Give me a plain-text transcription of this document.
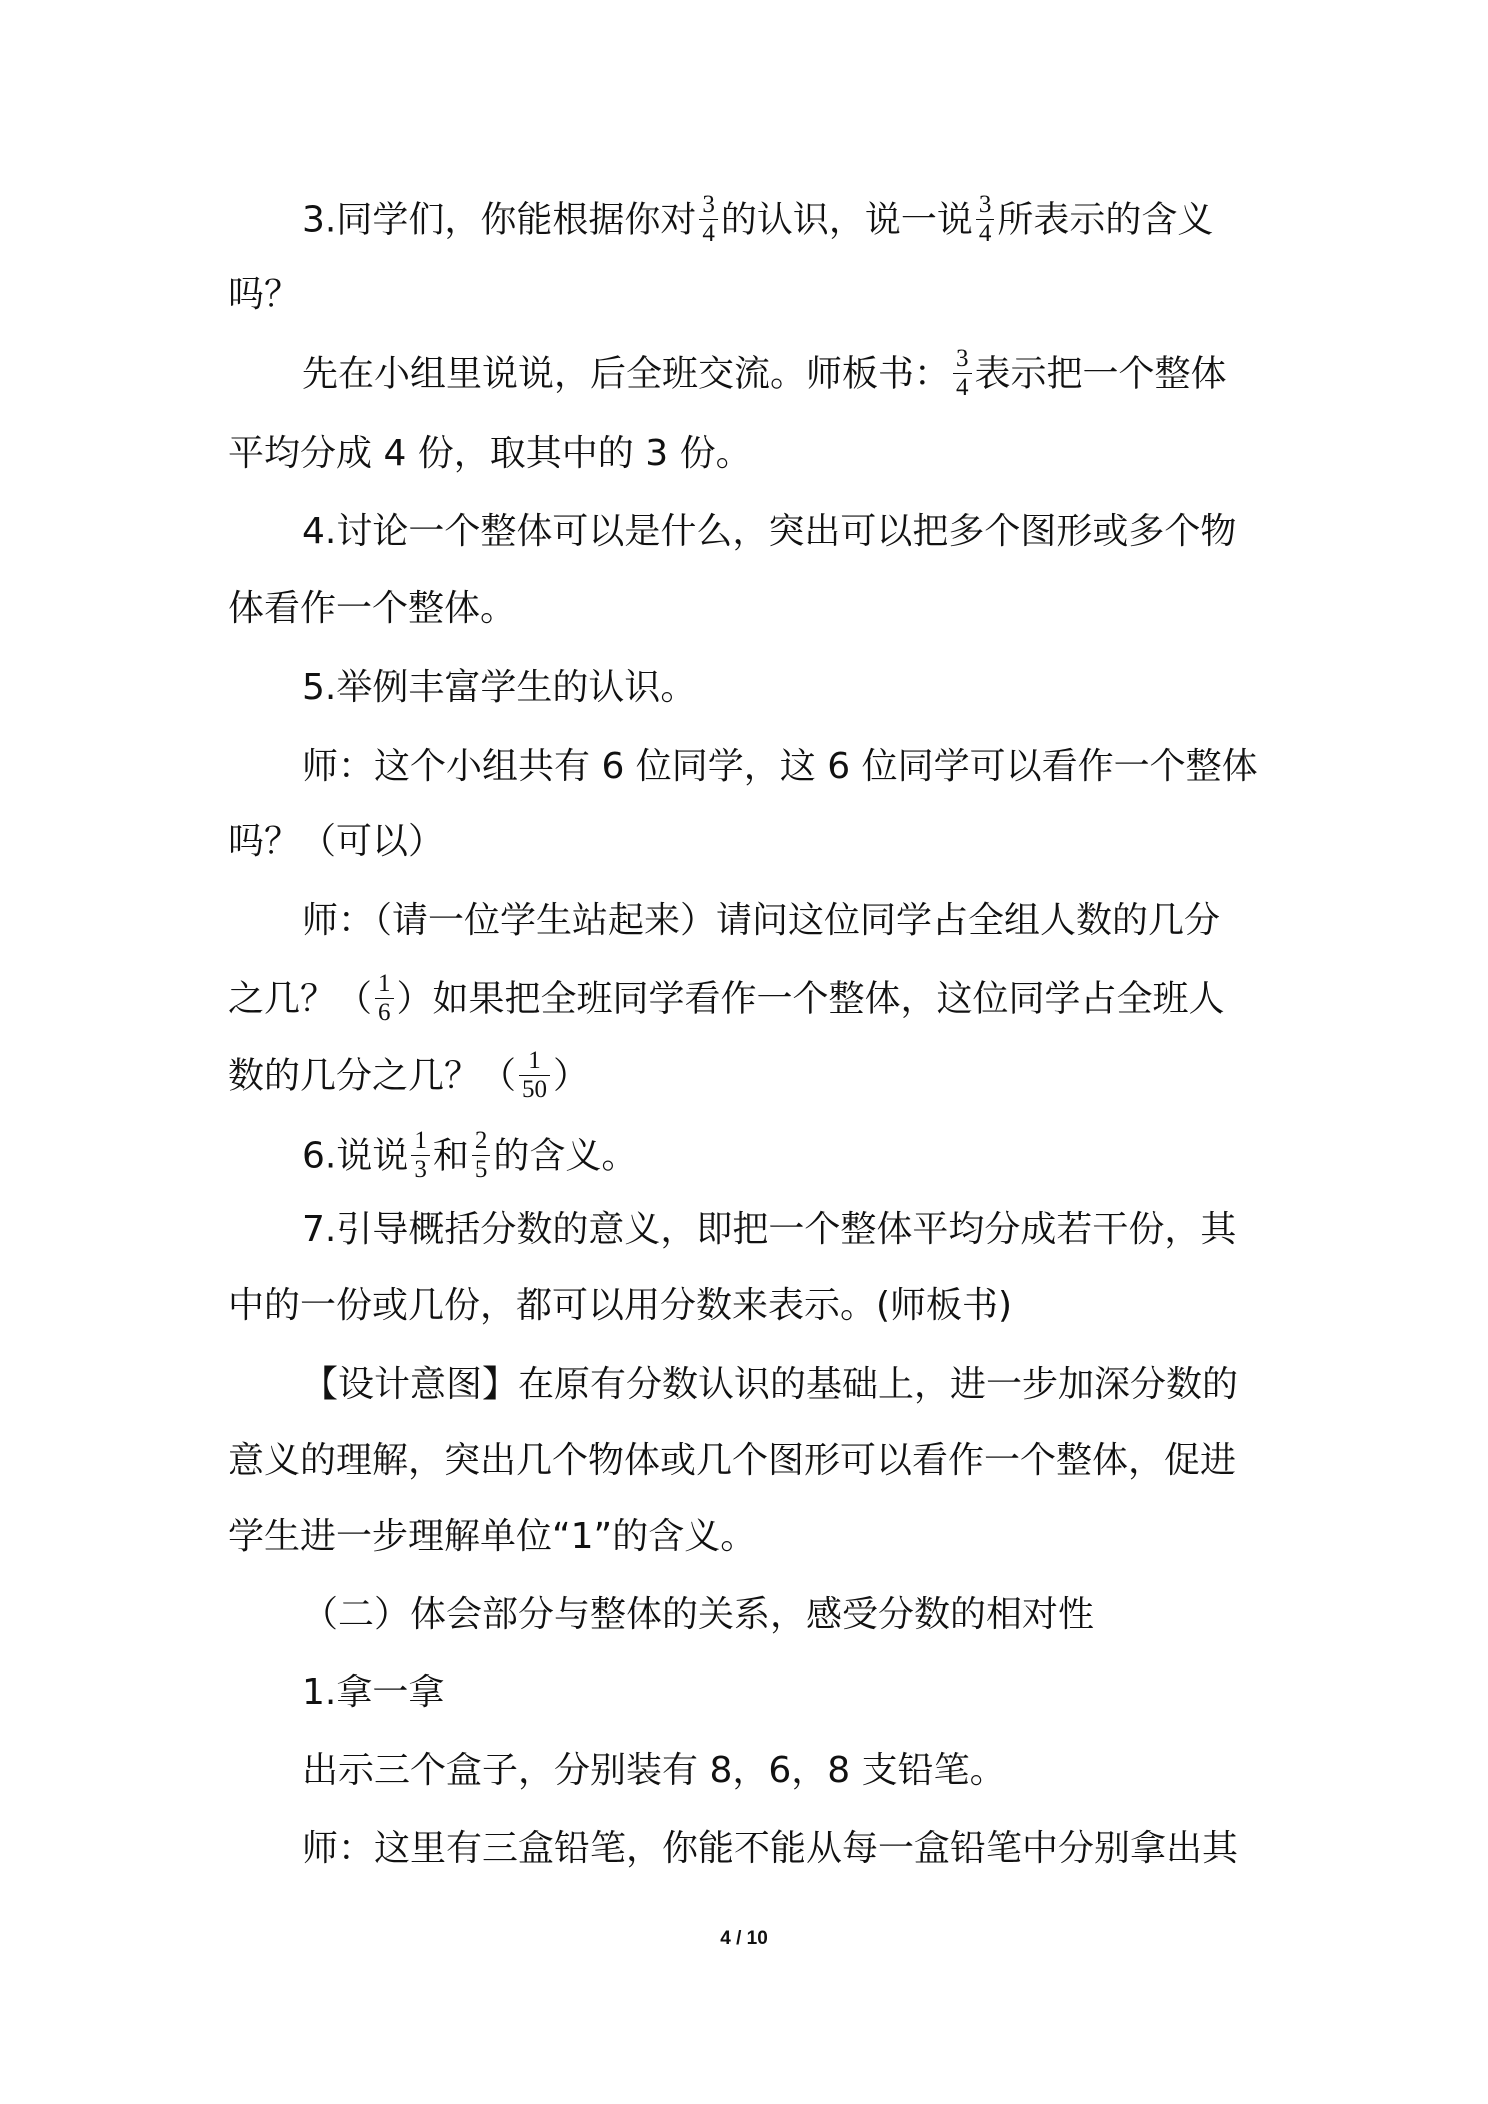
3.同学们，你能根据你对 $\frac{3}{4}$ 的认识，说一说 $\frac{3}{4}$ 所表示的含义
吗？
先在小组里说说，后全班交流。师板书： $\frac{3}{4}$ 表示把一个整体
平均分成 4 份，取其中的 3 份。
4.讨论一个整体可以是什么，突出可以把多个图形或多个物
体看作一个整体。
5.举例丰富学生的认识。
师：这个小组共有 6 位同学，这 6 位同学可以看作一个整体
吗？（可以）
师：（请一位学生站起来）请问这位同学占全组人数的几分
之几？（ $\frac{1}{6}$ ）如果把全班同学看作一个整体，这位同学占全班人
数的几分之几？（ $\frac{1}{50}$ ）
6.说说 $\frac{1}{3}$ 和 $\frac{2}{5}$ 的含义。
7.引导概括分数的意义，即把一个整体平均分成若干份，其
中的一份或几份，都可以用分数来表示。(师板书)
【设计意图】在原有分数认识的基础上，进一步加深分数的
意义的理解，突出几个物体或几个图形可以看作一个整体，促进
学生进一步理解单位“1”的含义。
（二）体会部分与整体的关系，感受分数的相对性
1.拿一拿
出示三个盒子，分别装有 8，6，8 支铅笔。
师：这里有三盒铅笔，你能不能从每一盒铅笔中分别拿出其
4 / 10
